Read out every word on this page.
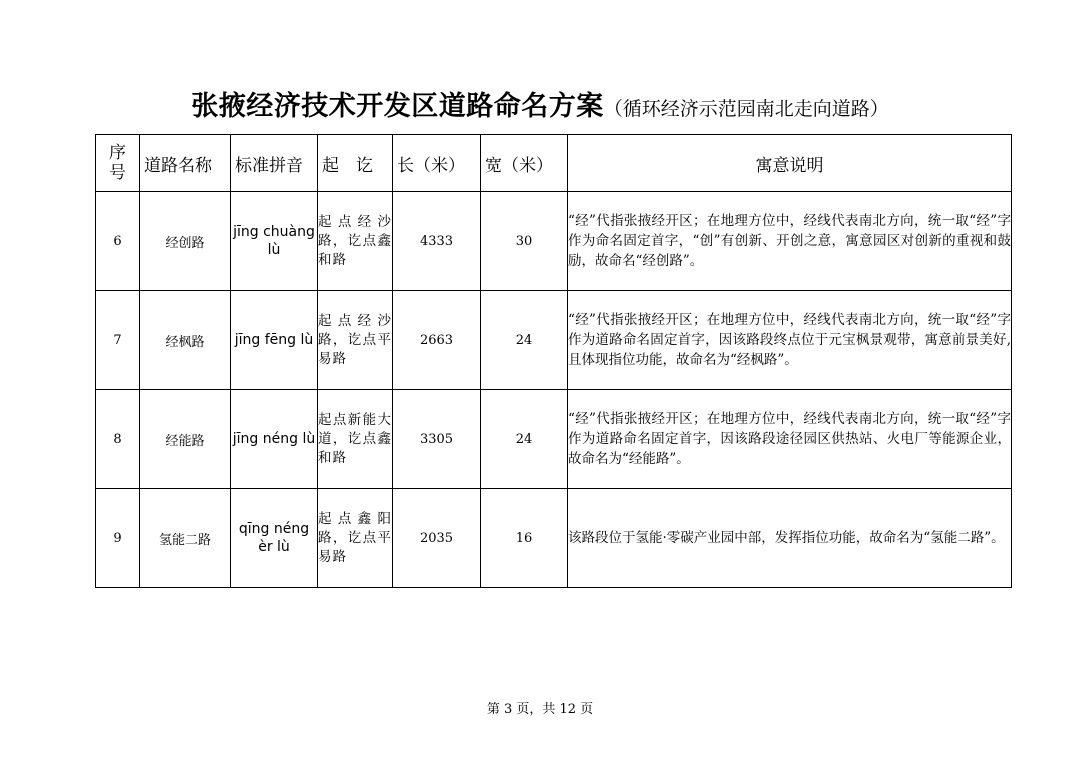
张掖经济技术开发区道路命名方案（循环经济示范园南北走向道路）
序号	道路名称	标准拼音	起　讫	长（米）	宽（米）	寓意说明
6	经创路	jīng chuàng lù	起点经沙路，讫点鑫和路	4333	30	“经”代指张掖经开区；在地理方位中，经线代表南北方向，统一取“经”字作为命名固定首字，“创”有创新、开创之意，寓意园区对创新的重视和鼓励，故命名“经创路”。
7	经枫路	jīng fēng lù	起点经沙路，讫点平易路	2663	24	“经”代指张掖经开区；在地理方位中，经线代表南北方向，统一取“经”字作为道路命名固定首字，因该路段终点位于元宝枫景观带，寓意前景美好,且体现指位功能，故命名为“经枫路”。
8	经能路	jīng néng lù	起点新能大道，讫点鑫和路	3305	24	“经”代指张掖经开区；在地理方位中，经线代表南北方向，统一取“经”字作为道路命名固定首字，因该路段途径园区供热站、火电厂等能源企业，故命名为“经能路”。
9	氢能二路	qīng néng èr lù	起点鑫阳路，讫点平易路	2035	16	该路段位于氢能·零碳产业园中部，发挥指位功能，故命名为“氢能二路”。
第 3 页，共 12 页
